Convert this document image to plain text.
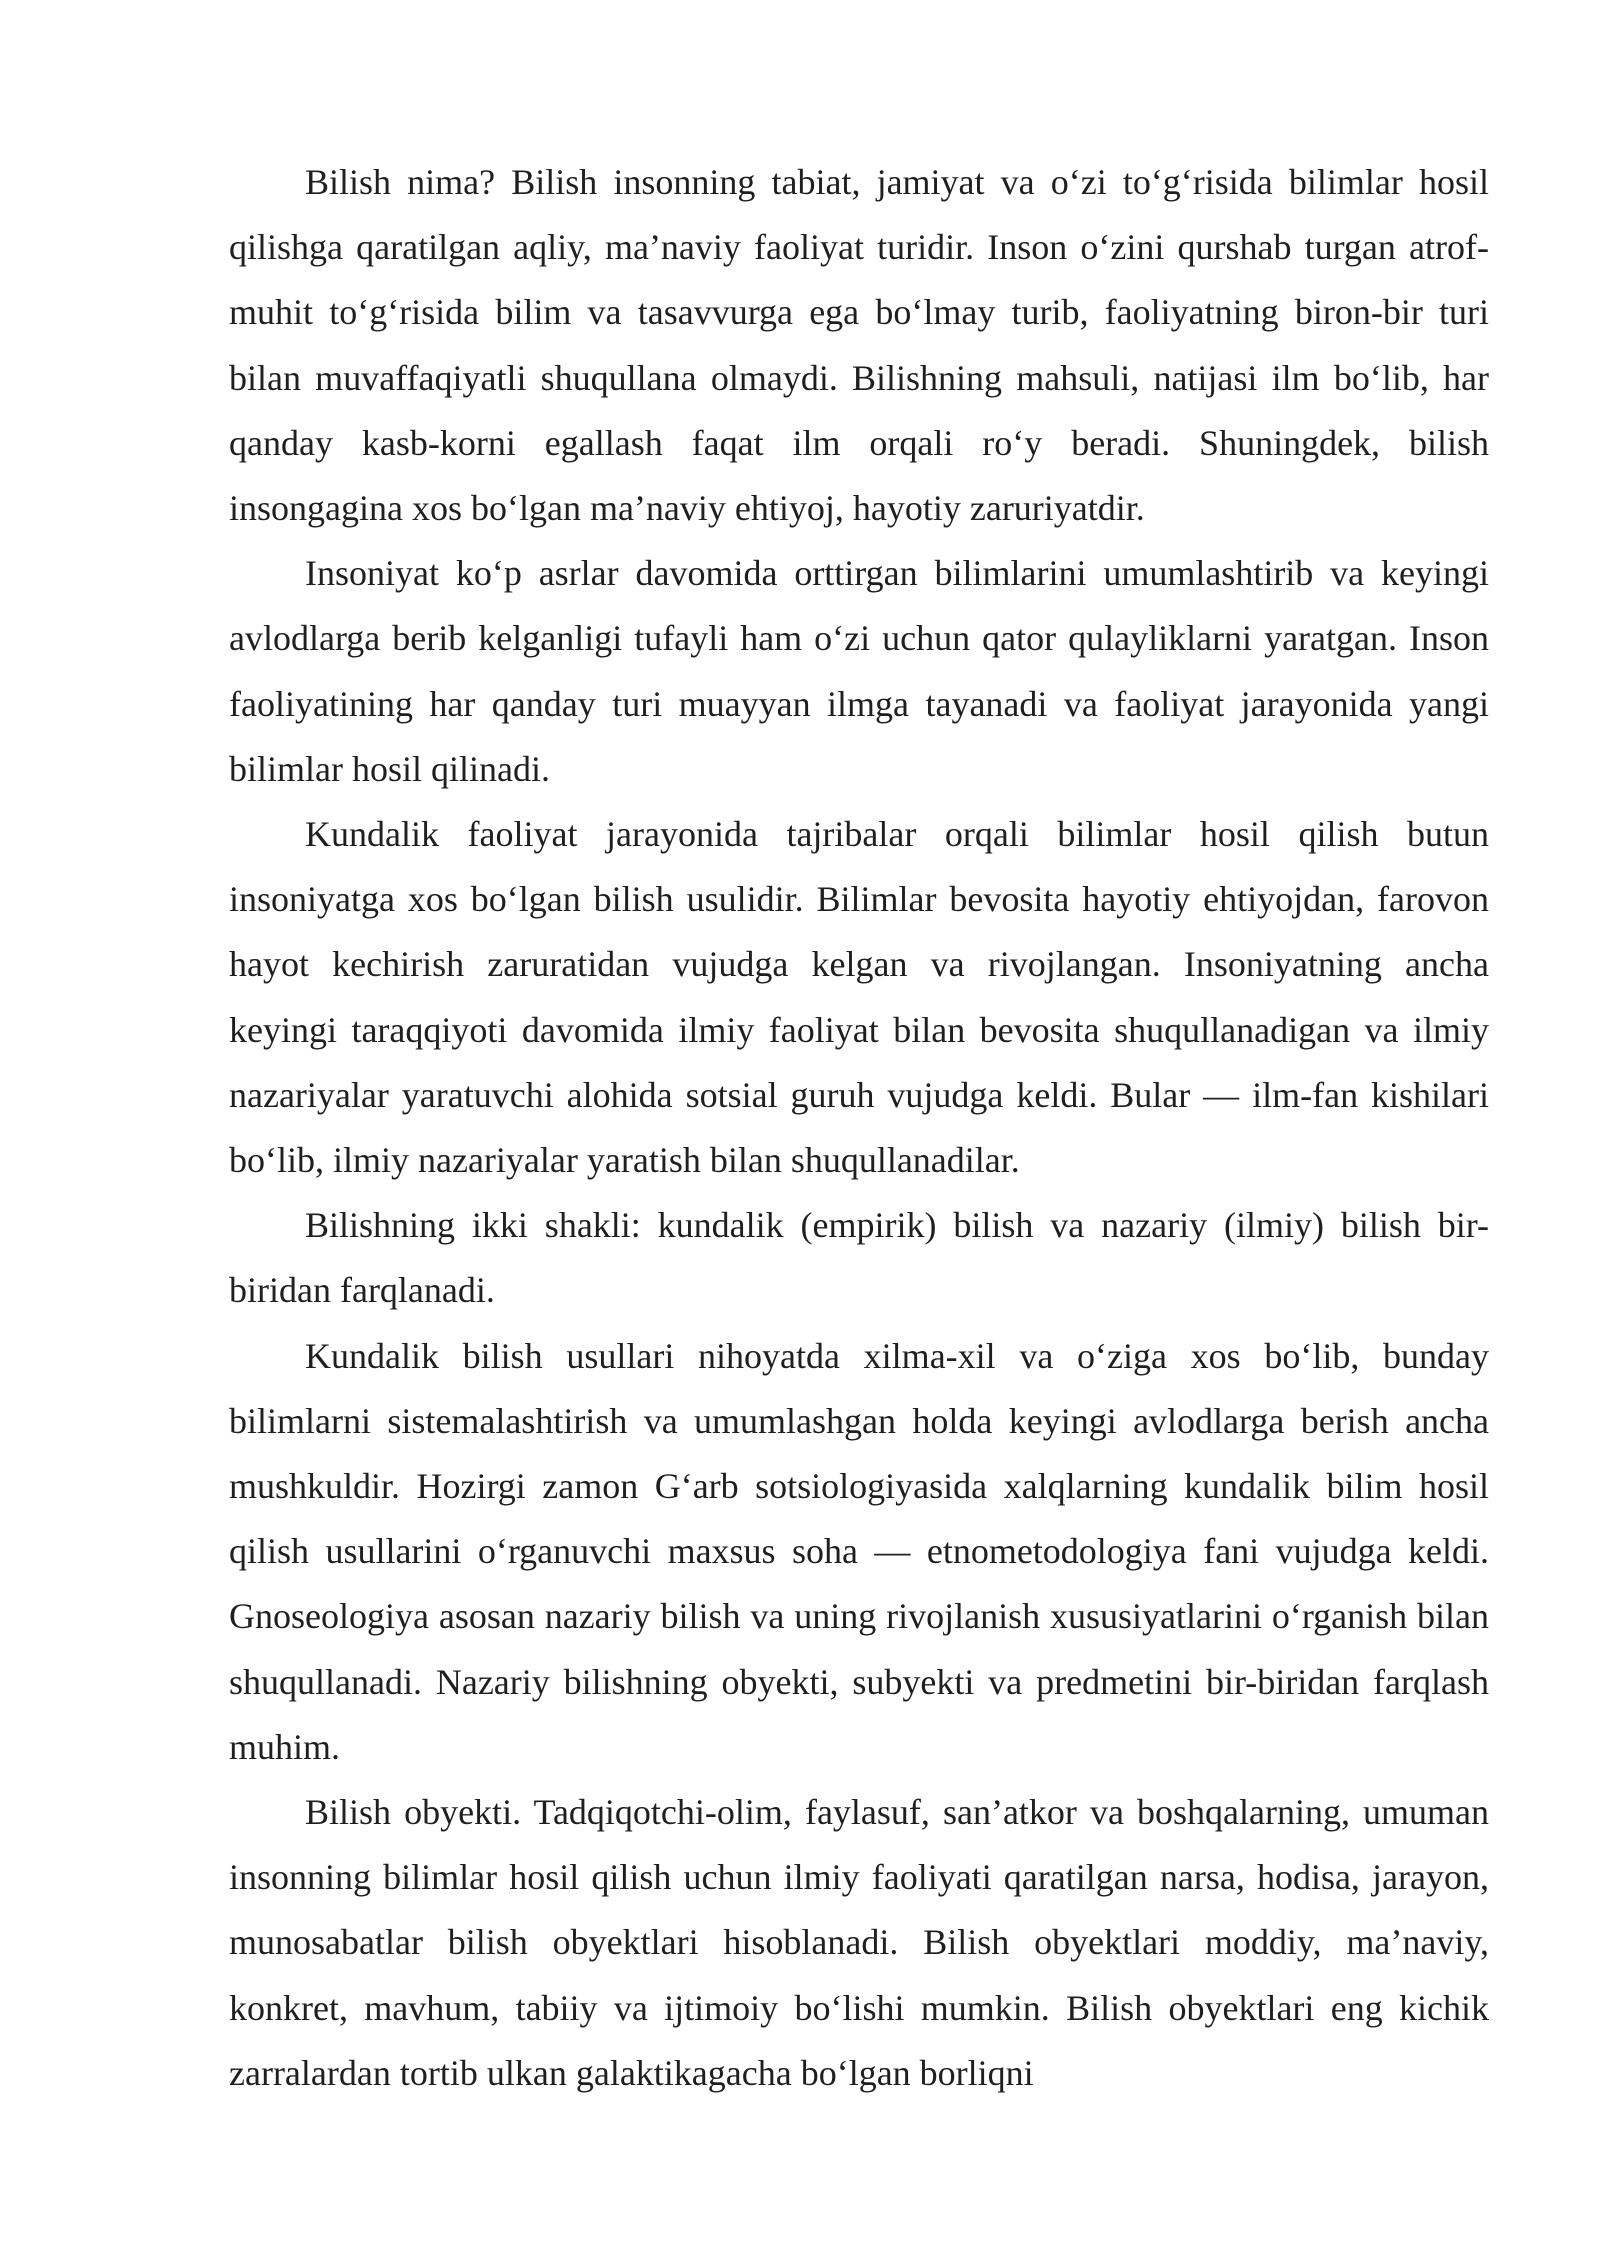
Bilish nima? Bilish insonning tabiat, jamiyat va o‘zi to‘g‘risida bilimlar hosil qilishga qaratilgan aqliy, ma’naviy faoliyat turidir. Inson o‘zini qurshab turgan atrof-muhit to‘g‘risida bilim va tasavvurga ega bo‘lmay turib, faoliyatning biron-bir turi bilan muvaffaqiyatli shuqullana olmaydi. Bilishning mahsuli, natijasi ilm bo‘lib, har qanday kasb-korni egallash faqat ilm orqali ro‘y beradi. Shuningdek, bilish insongagina xos bo‘lgan ma’naviy ehtiyoj, hayotiy zaruriyatdir.

Insoniyat ko‘p asrlar davomida orttirgan bilimlarini umumlashtirib va keyingi avlodlarga berib kelganligi tufayli ham o‘zi uchun qator qulayliklarni yaratgan. Inson faoliyatining har qanday turi muayyan ilmga tayanadi va faoliyat jarayonida yangi bilimlar hosil qilinadi.

Kundalik faoliyat jarayonida tajribalar orqali bilimlar hosil qilish butun insoniyatga xos bo‘lgan bilish usulidir. Bilimlar bevosita hayotiy ehtiyojdan, farovon hayot kechirish zaruratidan vujudga kelgan va rivojlangan. Insoniyatning ancha keyingi taraqqiyoti davomida ilmiy faoliyat bilan bevosita shuqullanadigan va ilmiy nazariyalar yaratuvchi alohida sotsial guruh vujudga keldi. Bular — ilm-fan kishilari bo‘lib, ilmiy nazariyalar yaratish bilan shuqullanadilar.

Bilishning ikki shakli: kundalik (empirik) bilish va nazariy (ilmiy) bilish bir-biridan farqlanadi.

Kundalik bilish usullari nihoyatda xilma-xil va o‘ziga xos bo‘lib, bunday bilimlarni sistemalashtirish va umumlashgan holda keyingi avlodlarga berish ancha mushkuldir. Hozirgi zamon G‘arb sotsiologiyasida xalqlarning kundalik bilim hosil qilish usullarini o‘rganuvchi maxsus soha — etnometodologiya fani vujudga keldi. Gnoseologiya asosan nazariy bilish va uning rivojlanish xususiyatlarini o‘rganish bilan shuqullanadi. Nazariy bilishning obyekti, subyekti va predmetini bir-biridan farqlash muhim.

Bilish obyekti. Tadqiqotchi-olim, faylasuf, san’atkor va boshqalarning, umuman insonning bilimlar hosil qilish uchun ilmiy faoliyati qaratilgan narsa, hodisa, jarayon, munosabatlar bilish obyektlari hisoblanadi. Bilish obyektlari moddiy, ma’naviy, konkret, mavhum, tabiiy va ijtimoiy bo‘lishi mumkin. Bilish obyektlari eng kichik zarralardan tortib ulkan galaktikagacha bo‘lgan borliqni
